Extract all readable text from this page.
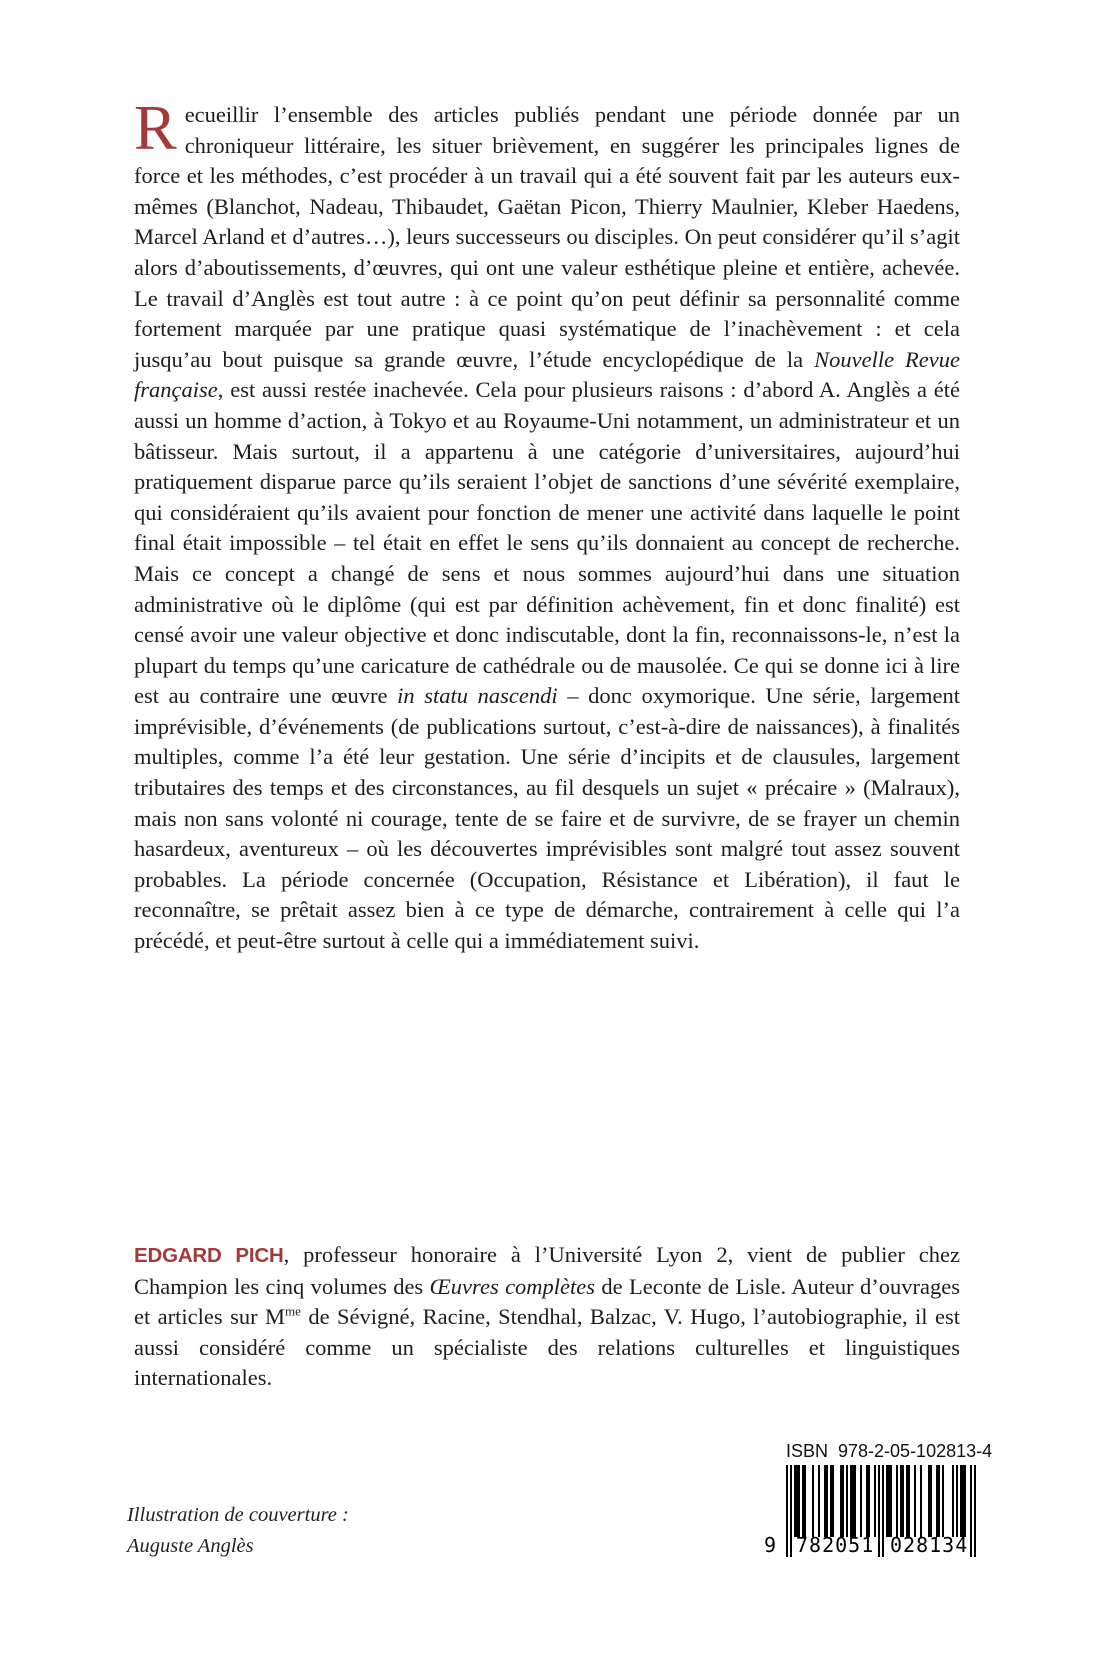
Recueillir l’ensemble des articles publiés pendant une période donnée par un chroniqueur littéraire, les situer brièvement, en suggérer les principales lignes de force et les méthodes, c’est procéder à un travail qui a été souvent fait par les auteurs eux-mêmes (Blanchot, Nadeau, Thibaudet, Gaëtan Picon, Thierry Maulnier, Kleber Haedens, Marcel Arland et d’autres…), leurs successeurs ou disciples. On peut considérer qu’il s’agit alors d’aboutissements, d’œuvres, qui ont une valeur esthétique pleine et entière, achevée. Le travail d’Anglès est tout autre : à ce point qu’on peut définir sa personnalité comme fortement marquée par une pratique quasi systématique de l’inachèvement : et cela jusqu’au bout puisque sa grande œuvre, l’étude encyclopédique de la Nouvelle Revue française, est aussi restée inachevée. Cela pour plusieurs raisons : d’abord A. Anglès a été aussi un homme d’action, à Tokyo et au Royaume-Uni notamment, un administrateur et un bâtisseur. Mais surtout, il a appartenu à une catégorie d’universitaires, aujourd’hui pratiquement disparue parce qu’ils seraient l’objet de sanctions d’une sévérité exemplaire, qui considéraient qu’ils avaient pour fonction de mener une activité dans laquelle le point final était impossible – tel était en effet le sens qu’ils donnaient au concept de recherche. Mais ce concept a changé de sens et nous sommes aujourd’hui dans une situation administrative où le diplôme (qui est par définition achèvement, fin et donc finalité) est censé avoir une valeur objective et donc indiscutable, dont la fin, reconnaissons-le, n’est la plupart du temps qu’une caricature de cathédrale ou de mausolée. Ce qui se donne ici à lire est au contraire une œuvre in statu nascendi – donc oxymorique. Une série, largement imprévisible, d’événements (de publications surtout, c’est-à-dire de naissances), à finalités multiples, comme l’a été leur gestation. Une série d’incipits et de clausules, largement tributaires des temps et des circonstances, au fil desquels un sujet « précaire » (Malraux), mais non sans volonté ni courage, tente de se faire et de survivre, de se frayer un chemin hasardeux, aventureux – où les découvertes imprévisibles sont malgré tout assez souvent probables. La période concernée (Occupation, Résistance et Libération), il faut le reconnaître, se prêtait assez bien à ce type de démarche, contrairement à celle qui l’a précédé, et peut-être surtout à celle qui a immédiatement suivi.

EDGARD PICH, professeur honoraire à l’Université Lyon 2, vient de publier chez Champion les cinq volumes des Œuvres complètes de Leconte de Lisle. Auteur d’ouvrages et articles sur $M^{me}$ de Sévigné, Racine, Stendhal, Balzac, V. Hugo, l’autobiographie, il est aussi considéré comme un spécialiste des relations culturelles et linguistiques internationales.

ISBN 978-2-05-102813-4
9 782051 028134
Illustration de couverture :
Auguste Anglès
